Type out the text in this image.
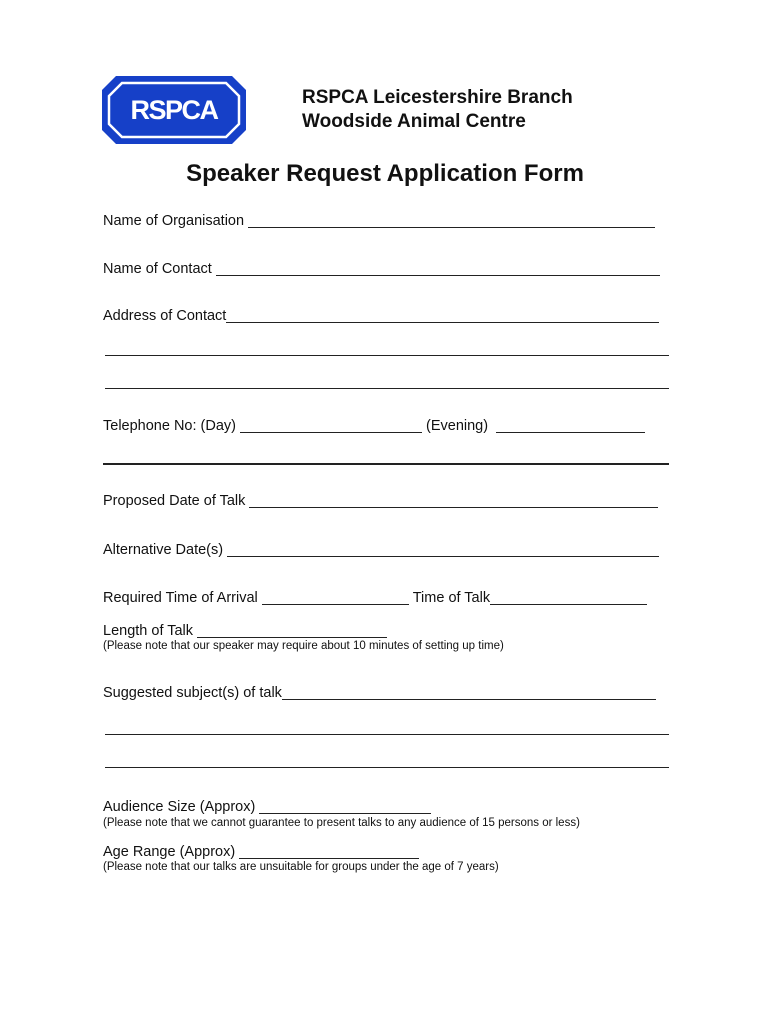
RSPCA	RSPCA Leicestershire Branch
Woodside Animal Centre
Speaker Request Application Form
Name of Organisation
Name of Contact
Address of Contact
Telephone No: (Day)	(Evening)
Proposed Date of Talk
Alternative Date(s)
Required Time of Arrival	Time of Talk
Length of Talk
(Please note that our speaker may require about 10 minutes of setting up time)
Suggested subject(s) of talk
Audience Size (Approx)
(Please note that we cannot guarantee to present talks to any audience of 15 persons or less)
Age Range (Approx)
(Please note that our talks are unsuitable for groups under the age of 7 years)
